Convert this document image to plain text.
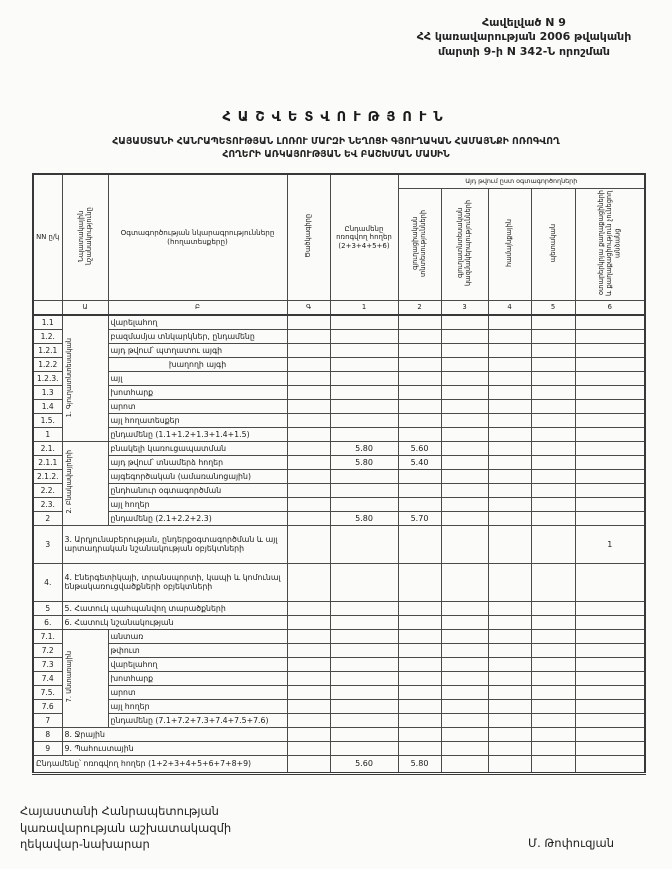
Հավելված N 9
ՀՀ կառավարության 2006 թվականի
մարտի 9-ի N 342-Ն որոշման
ՀԱՇՎԵՏՎՈՒԹՅՈՒՆ
ՀԱՅԱՍՏԱՆԻ ՀԱՆՐԱՊԵՏՈՒԹՅԱՆ ԼՈՌՈՒ ՄԱՐԶԻ ՆԵՂՈՑԻ ԳՅՈՒՂԱԿԱՆ ՀԱՄԱՅՆՔԻ ՈՌՈԳՎՈՂ
ՀՈՂԵՐԻ ԱՌԿԱՅՈՒԹՅԱՆ ԵՎ ԲԱՇԽՄԱՆ ՄԱՍԻՆ
NN ը/կ	Նպատակային նշանակությունը	Օգտագործության նկարագրությունները (հողատեսքերը)	Ծածկագիրը	Ընդամենը ոռոգվող հողեր (2+3+4+5+6)	Այդ թվում ըստ օգտագործողների				
					գյուղացիական տնտեսությունների	գյուղատնտեսական կազմակերպությունների	համայնքային	պետական	օտարերկրյա քաղաքացիների և քաղաքացիություն չունեցող անձանց
	Ա	Բ	Գ	1	2	3	4	5	6
1.1	1. Գյուղատնտեսական	վարելահող							
1.2.		բազմամյա տնկարկներ, ընդամենը							
1.2.1		այդ թվում՝ պտղատու այգի							
1.2.2		խաղողի այգի							
1.2.3.		այլ							
1.3		խոտհարք							
1.4		արոտ							
1.5.		այլ հողատեսքեր							
1		ընդամենը (1.1+1.2+1.3+1.4+1.5)							
2.1.	2. Բնակավայրերի	բնակելի կառուցապատման		5.80	5.60				
2.1.1		այդ թվում՝ տնամերձ հողեր		5.80	5.40				
2.1.2.		այգեգործական (ամառանոցային)							
2.2.		ընդհանուր օգտագործման							
2.3.		այլ հողեր							
2		ընդամենը (2.1+2.2+2.3)		5.80	5.70				
3	3. Արդյունաբերության, ընդերքօգտագործման և այլ արտադրական նշանակության օբյեկտների								1
4.	4. Էներգետիկայի, տրանսպորտի, կապի և կոմունալ ենթակառուցվածքների օբյեկտների								
5	5. Հատուկ պահպանվող տարածքների								
6.	6. Հատուկ նշանակության								
7.1.	7. Անտառային	անտառ							
7.2		թփուտ							
7.3		վարելահող							
7.4		խոտհարք							
7.5.		արոտ							
7.6		այլ հողեր							
7		ընդամենը (7.1+7.2+7.3+7.4+7.5+7.6)							
8	8. Ջրային								
9	9. Պահուստային								
Ընդամենը՝ ոռոգվող հողեր (1+2+3+4+5+6+7+8+9)				5.60	5.80				
Հայաստանի Հանրապետության
կառավարության աշխատակազմի
ղեկավար-նախարար	Մ. Թոփուզյան
